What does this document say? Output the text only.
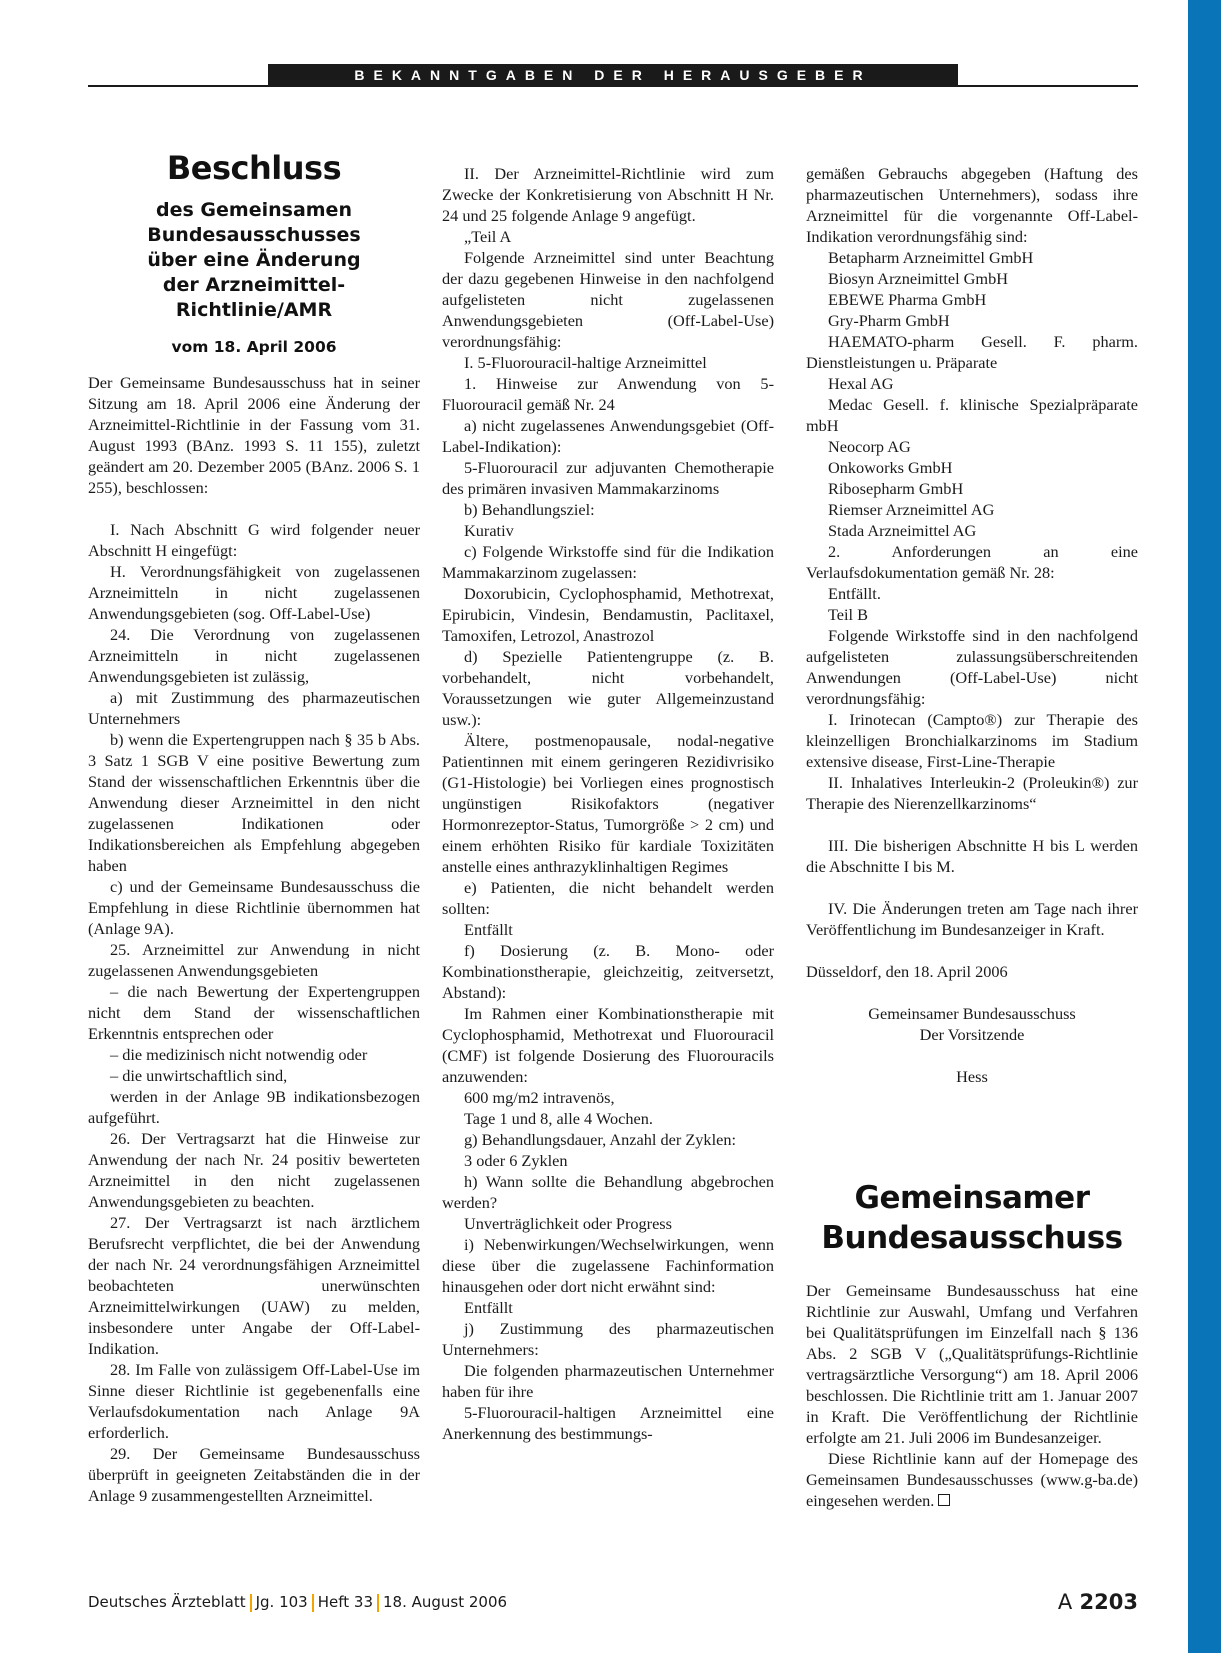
BEKANNTGABEN DER HERAUSGEBER
Beschluss
des Gemeinsamen
Bundesausschusses
über eine Änderung
der Arzneimittel-Richtlinie/AMR
vom 18. April 2006

Der Gemeinsame Bundesausschuss hat in seiner Sitzung am 18. April 2006 eine Änderung der Arzneimittel-Richtlinie in der Fassung vom 31. August 1993 (BAnz. 1993 S. 11 155), zuletzt geändert am 20. Dezember 2005 (BAnz. 2006 S. 1 255), beschlossen:

I. Nach Abschnitt G wird folgender neuer Abschnitt H eingefügt:

H. Verordnungsfähigkeit von zugelassenen Arzneimitteln in nicht zugelassenen Anwendungsgebieten (sog. Off-Label-Use)

24. Die Verordnung von zugelassenen Arzneimitteln in nicht zugelassenen Anwendungsgebieten ist zulässig,

a) mit Zustimmung des pharmazeutischen Unternehmers

b) wenn die Expertengruppen nach § 35 b Abs. 3 Satz 1 SGB V eine positive Bewertung zum Stand der wissenschaftlichen Erkenntnis über die Anwendung dieser Arzneimittel in den nicht zugelassenen Indikationen oder Indikationsbereichen als Empfehlung abgegeben haben

c) und der Gemeinsame Bundesausschuss die Empfehlung in diese Richtlinie übernommen hat (Anlage 9A).

25. Arzneimittel zur Anwendung in nicht zugelassenen Anwendungsgebieten

– die nach Bewertung der Expertengruppen nicht dem Stand der wissenschaftlichen Erkenntnis entsprechen oder

– die medizinisch nicht notwendig oder

– die unwirtschaftlich sind,

werden in der Anlage 9B indikationsbezogen aufgeführt.

26. Der Vertragsarzt hat die Hinweise zur Anwendung der nach Nr. 24 positiv bewerteten Arzneimittel in den nicht zugelassenen Anwendungsgebieten zu beachten.

27. Der Vertragsarzt ist nach ärztlichem Berufsrecht verpflichtet, die bei der Anwendung der nach Nr. 24 verordnungsfähigen Arzneimittel beobachteten unerwünschten Arzneimittelwirkungen (UAW) zu melden, insbesondere unter Angabe der Off-Label-Indikation.

28. Im Falle von zulässigem Off-Label-Use im Sinne dieser Richtlinie ist gegebenenfalls eine Verlaufsdokumentation nach Anlage 9A erforderlich.

29. Der Gemeinsame Bundesausschuss überprüft in geeigneten Zeitabständen die in der Anlage 9 zusammengestellten Arzneimittel.

II. Der Arzneimittel-Richtlinie wird zum Zwecke der Konkretisierung von Abschnitt H Nr. 24 und 25 folgende Anlage 9 angefügt.

„Teil A

Folgende Arzneimittel sind unter Beachtung der dazu gegebenen Hinweise in den nachfolgend aufgelisteten nicht zugelassenen Anwendungsgebieten (Off-Label-Use) verordnungsfähig:

I. 5-Fluorouracil-haltige Arzneimittel

1. Hinweise zur Anwendung von 5-Fluorouracil gemäß Nr. 24

a) nicht zugelassenes Anwendungsgebiet (Off-Label-Indikation):

5-Fluorouracil zur adjuvanten Chemotherapie des primären invasiven Mammakarzinoms

b) Behandlungsziel:

Kurativ

c) Folgende Wirkstoffe sind für die Indikation Mammakarzinom zugelassen:

Doxorubicin, Cyclophosphamid, Methotrexat, Epirubicin, Vindesin, Bendamustin, Paclitaxel, Tamoxifen, Letrozol, Anastrozol

d) Spezielle Patientengruppe (z. B. vorbehandelt, nicht vorbehandelt, Voraussetzungen wie guter Allgemeinzustand usw.):

Ältere, postmenopausale, nodal-negative Patientinnen mit einem geringeren Rezidivrisiko (G1-Histologie) bei Vorliegen eines prognostisch ungünstigen Risikofaktors (negativer Hormonrezeptor-Status, Tumorgröße > 2 cm) und einem erhöhten Risiko für kardiale Toxizitäten anstelle eines anthrazyklinhaltigen Regimes

e) Patienten, die nicht behandelt werden sollten:

Entfällt

f) Dosierung (z. B. Mono- oder Kombinationstherapie, gleichzeitig, zeitversetzt, Abstand):

Im Rahmen einer Kombinationstherapie mit Cyclophosphamid, Methotrexat und Fluorouracil (CMF) ist folgende Dosierung des Fluorouracils anzuwenden:

600 mg/m2 intravenös,

Tage 1 und 8, alle 4 Wochen.

g) Behandlungsdauer, Anzahl der Zyklen:

3 oder 6 Zyklen

h) Wann sollte die Behandlung abgebrochen werden?

Unverträglichkeit oder Progress

i) Nebenwirkungen/Wechselwirkungen, wenn diese über die zugelassene Fachinformation hinausgehen oder dort nicht erwähnt sind:

Entfällt

j) Zustimmung des pharmazeutischen Unternehmers:

Die folgenden pharmazeutischen Unternehmer haben für ihre

5-Fluorouracil-haltigen Arzneimittel eine Anerkennung des bestimmungs-

gemäßen Gebrauchs abgegeben (Haftung des pharmazeutischen Unternehmers), sodass ihre Arzneimittel für die vorgenannte Off-Label-Indikation verordnungsfähig sind:

Betapharm Arzneimittel GmbH

Biosyn Arzneimittel GmbH

EBEWE Pharma GmbH

Gry-Pharm GmbH

HAEMATO-pharm Gesell. F. pharm. Dienstleistungen u. Präparate

Hexal AG

Medac Gesell. f. klinische Spezialpräparate mbH

Neocorp AG

Onkoworks GmbH

Ribosepharm GmbH

Riemser Arzneimittel AG

Stada Arzneimittel AG

2. Anforderungen an eine Verlaufsdokumentation gemäß Nr. 28:

Entfällt.

Teil B

Folgende Wirkstoffe sind in den nachfolgend aufgelisteten zulassungsüberschreitenden Anwendungen (Off-Label-Use) nicht verordnungsfähig:

I. Irinotecan (Campto®) zur Therapie des kleinzelligen Bronchialkarzinoms im Stadium extensive disease, First-Line-Therapie

II. Inhalatives Interleukin-2 (Proleukin®) zur Therapie des Nierenzellkarzinoms“

III. Die bisherigen Abschnitte H bis L werden die Abschnitte I bis M.

IV. Die Änderungen treten am Tage nach ihrer Veröffentlichung im Bundesanzeiger in Kraft.

Düsseldorf, den 18. April 2006

Gemeinsamer Bundesausschuss

Der Vorsitzende

Hess

Gemeinsamer
Bundesausschuss

Der Gemeinsame Bundesausschuss hat eine Richtlinie zur Auswahl, Umfang und Verfahren bei Qualitätsprüfungen im Einzelfall nach § 136 Abs. 2 SGB V („Qualitätsprüfungs-Richtlinie vertragsärztliche Versorgung“) am 18. April 2006 beschlossen. Die Richtlinie tritt am 1. Januar 2007 in Kraft. Die Veröffentlichung der Richtlinie erfolgte am 21. Juli 2006 im Bundesanzeiger.

Diese Richtlinie kann auf der Homepage des Gemeinsamen Bundesausschusses (www.g-ba.de) eingesehen werden.

Deutsches Ärzteblatt Jg. 103 Heft 33 18. August 2006	A 2203
